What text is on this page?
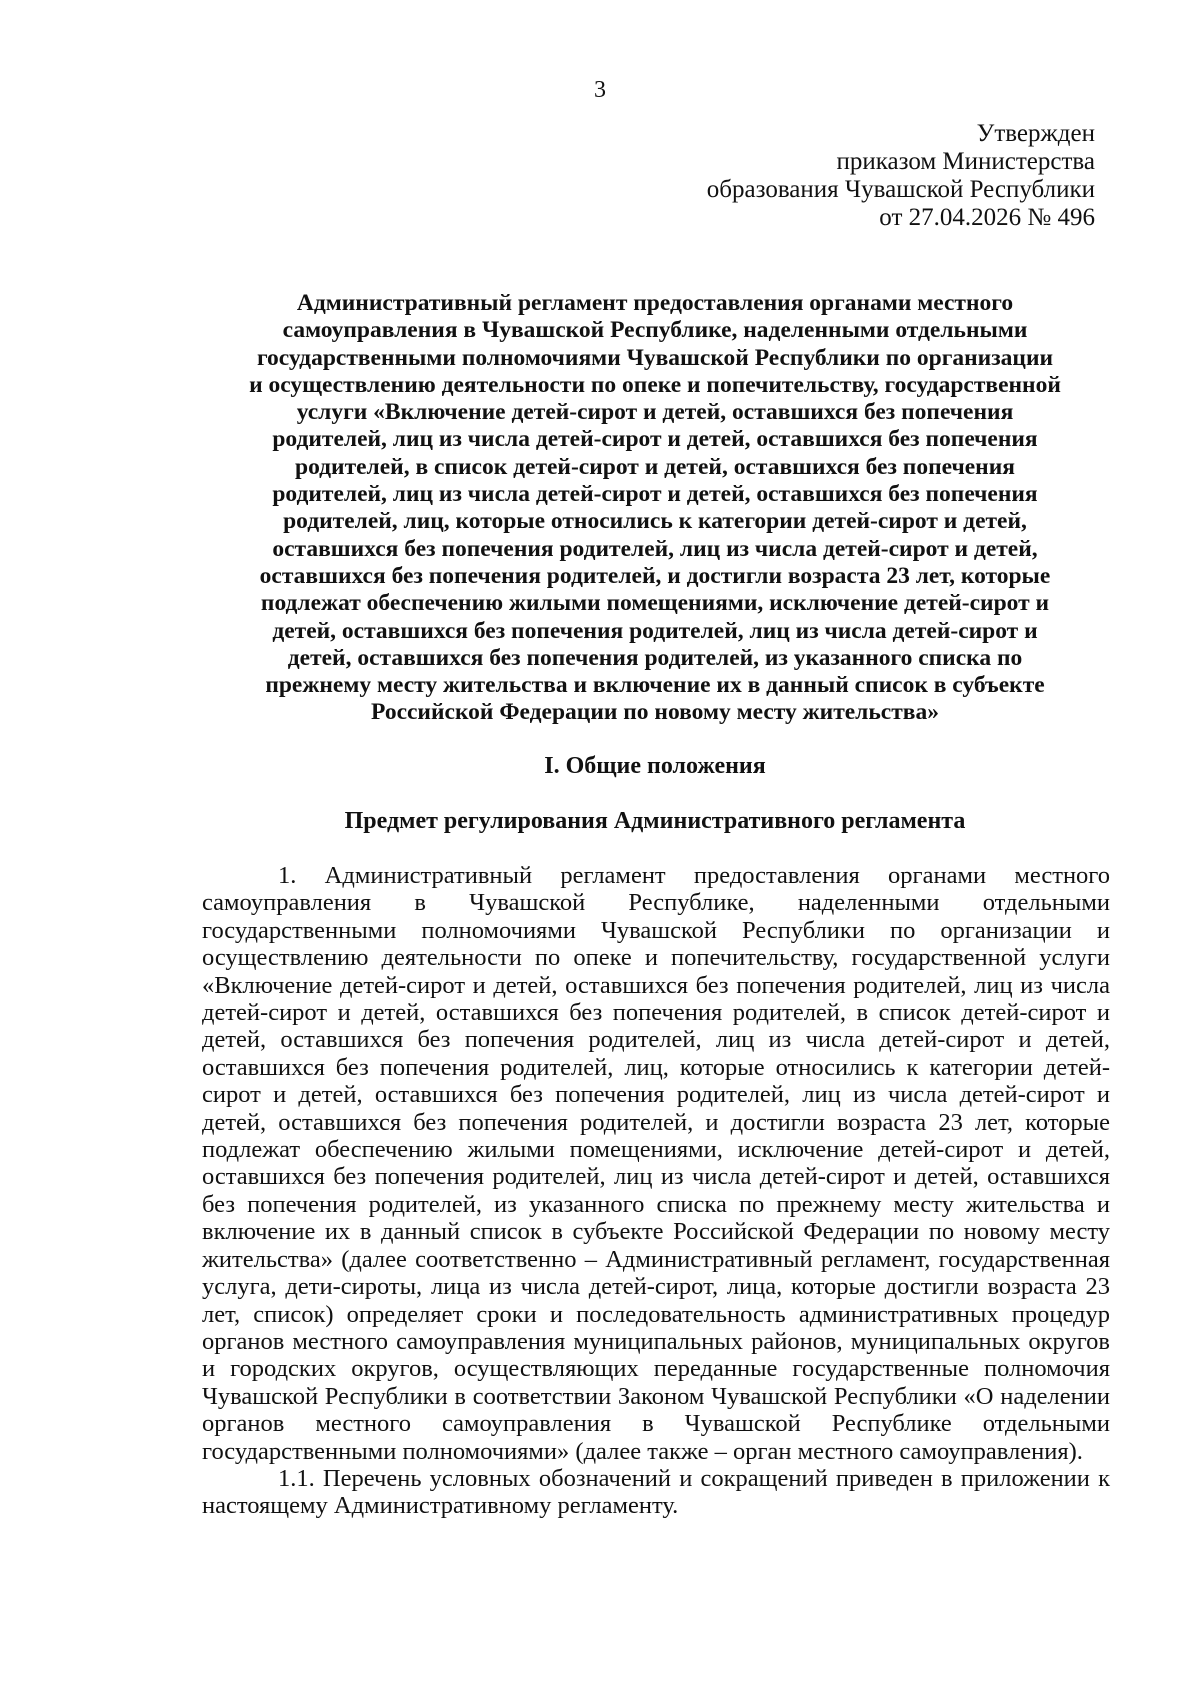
3
Утвержден
приказом Министерства
образования Чувашской Республики
от 27.04.2026 № 496
Административный регламент предоставления органами местного
самоуправления в Чувашской Республике, наделенными отдельными
государственными полномочиями Чувашской Республики по организации
и осуществлению деятельности по опеке и попечительству, государственной
услуги «Включение детей-сирот и детей, оставшихся без попечения
родителей, лиц из числа детей-сирот и детей, оставшихся без попечения
родителей, в список детей-сирот и детей, оставшихся без попечения
родителей, лиц из числа детей-сирот и детей, оставшихся без попечения
родителей, лиц, которые относились к категории детей-сирот и детей,
оставшихся без попечения родителей, лиц из числа детей-сирот и детей,
оставшихся без попечения родителей, и достигли возраста 23 лет, которые
подлежат обеспечению жилыми помещениями, исключение детей-сирот и
детей, оставшихся без попечения родителей, лиц из числа детей-сирот и
детей, оставшихся без попечения родителей, из указанного списка по
прежнему месту жительства и включение их в данный список в субъекте
Российской Федерации по новому месту жительства»
I. Общие положения
Предмет регулирования Административного регламента

1. Административный регламент предоставления органами местного самоуправления в Чувашской Республике, наделенными отдельными государственными полномочиями Чувашской Республики по организации и осуществлению деятельности по опеке и попечительству, государственной услуги «Включение детей-сирот и детей, оставшихся без попечения родителей, лиц из числа детей-сирот и детей, оставшихся без попечения родителей, в список детей-сирот и детей, оставшихся без попечения родителей, лиц из числа детей-сирот и детей, оставшихся без попечения родителей, лиц, которые относились к категории детей-сирот и детей, оставшихся без попечения родителей, лиц из числа детей-сирот и детей, оставшихся без попечения родителей, и достигли возраста 23 лет, которые подлежат обеспечению жилыми помещениями, исключение детей-сирот и детей, оставшихся без попечения родителей, лиц из числа детей-сирот и детей, оставшихся без попечения родителей, из указанного списка по прежнему месту жительства и включение их в данный список в субъекте Российской Федерации по новому месту жительства» (далее соответственно – Административный регламент, государственная услуга, дети-сироты, лица из числа детей-сирот, лица, которые достигли возраста 23 лет, список) определяет сроки и последовательность административных процедур органов местного самоуправления муниципальных районов, муниципальных округов и городских округов, осуществляющих переданные государственные полномочия Чувашской Республики в соответствии Законом Чувашской Республики «О наделении органов местного самоуправления в Чувашской Республике отдельными государственными полномочиями» (далее также – орган местного самоуправления).

1.1. Перечень условных обозначений и сокращений приведен в приложении к настоящему Административному регламенту.
